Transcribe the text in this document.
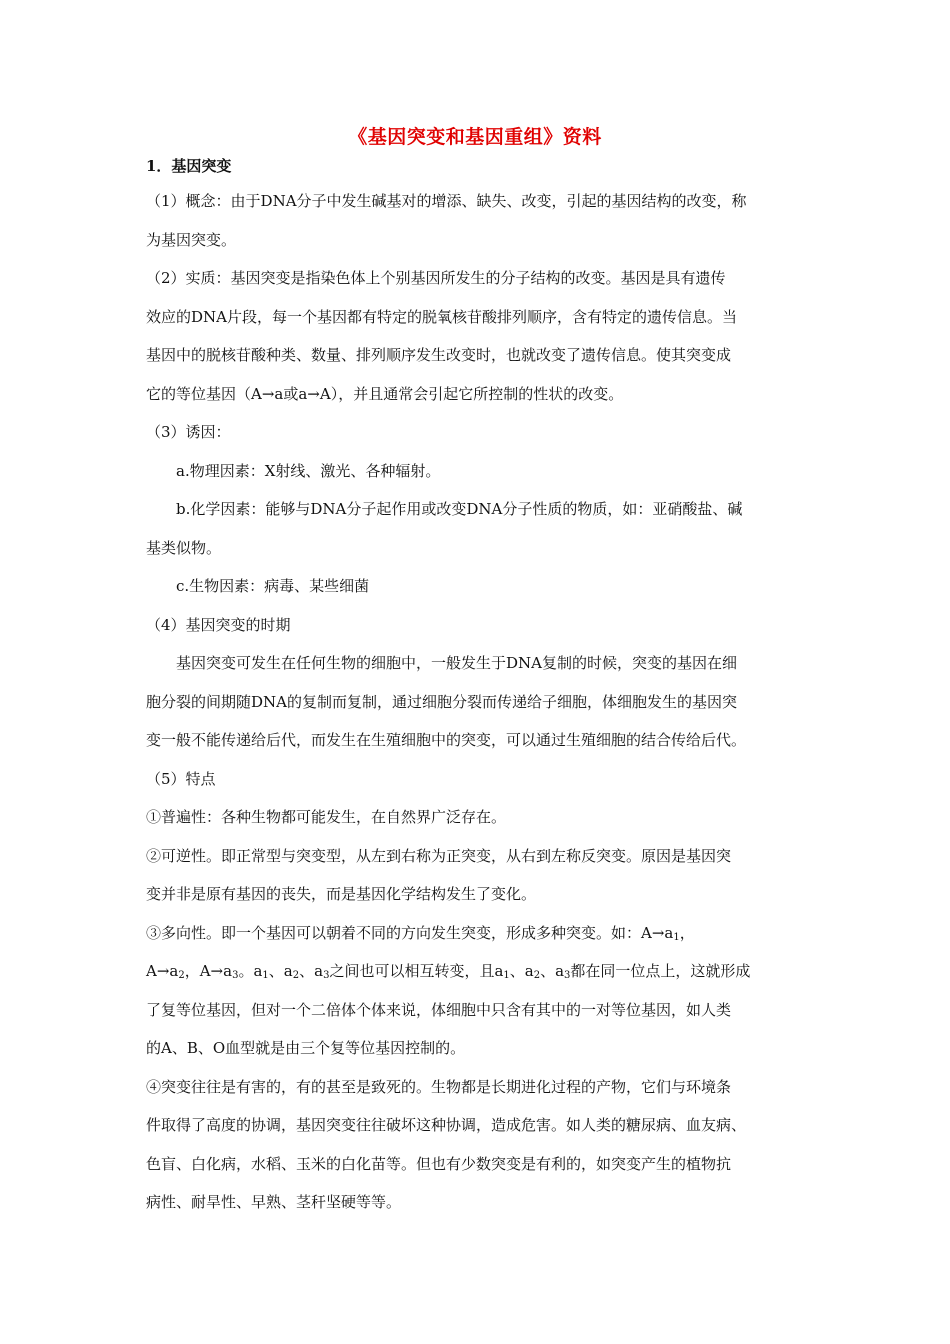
《基因突变和基因重组》资料
1．基因突变

（1）概念：由于DNA分子中发生碱基对的增添、缺失、改变，引起的基因结构的改变，称

为基因突变。

（2）实质：基因突变是指染色体上个别基因所发生的分子结构的改变。基因是具有遗传

效应的DNA片段，每一个基因都有特定的脱氧核苷酸排列顺序，含有特定的遗传信息。当

基因中的脱核苷酸种类、数量、排列顺序发生改变时，也就改变了遗传信息。使其突变成

它的等位基因（A→a或a→A），并且通常会引起它所控制的性状的改变。

（3）诱因：

a.物理因素：X射线、激光、各种辐射。

b.化学因素：能够与DNA分子起作用或改变DNA分子性质的物质，如：亚硝酸盐、碱

基类似物。

c.生物因素：病毒、某些细菌

（4）基因突变的时期

基因突变可发生在任何生物的细胞中，一般发生于DNA复制的时候，突变的基因在细

胞分裂的间期随DNA的复制而复制，通过细胞分裂而传递给子细胞，体细胞发生的基因突

变一般不能传递给后代，而发生在生殖细胞中的突变，可以通过生殖细胞的结合传给后代。

（5）特点

①普遍性：各种生物都可能发生，在自然界广泛存在。

②可逆性。即正常型与突变型，从左到右称为正突变，从右到左称反突变。原因是基因突

变并非是原有基因的丧失，而是基因化学结构发生了变化。

③多向性。即一个基因可以朝着不同的方向发生突变，形成多种突变。如：$A\to a_1$，

$A\to a_2$，$A\to a_3$。$a_1$、$a_2$、$a_3$之间也可以相互转变，且$a_1$、$a_2$、$a_3$都在同一位点上，这就形成

了复等位基因，但对一个二倍体个体来说，体细胞中只含有其中的一对等位基因，如人类

的A、B、O血型就是由三个复等位基因控制的。

④突变往往是有害的，有的甚至是致死的。生物都是长期进化过程的产物，它们与环境条

件取得了高度的协调，基因突变往往破坏这种协调，造成危害。如人类的糖尿病、血友病、

色盲、白化病，水稻、玉米的白化苗等。但也有少数突变是有利的，如突变产生的植物抗

病性、耐旱性、早熟、茎秆坚硬等等。
